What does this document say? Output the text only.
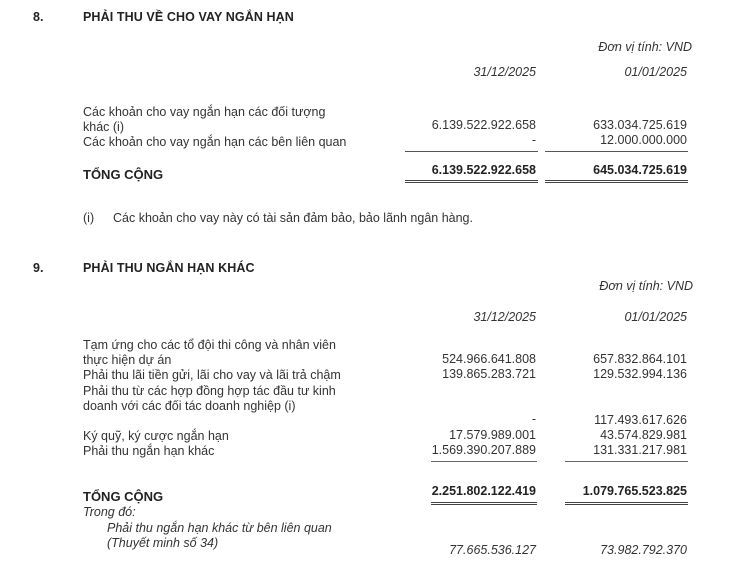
8.	PHẢI THU VỀ CHO VAY NGẮN HẠN
Đơn vị tính: VND
31/12/2025	01/01/2025
Các khoản cho vay ngắn hạn các đối tượng
khác (i)	6.139.522.922.658	633.034.725.619
Các khoản cho vay ngắn hạn các bên liên quan	-	12.000.000.000
TỔNG CỘNG	6.139.522.922.658	645.034.725.619
(i) Các khoản cho vay này có tài sản đảm bảo, bảo lãnh ngân hàng.
9.	PHẢI THU NGẮN HẠN KHÁC
Đơn vị tính: VND
31/12/2025	01/01/2025
Tạm ứng cho các tổ đội thi công và nhân viên
thực hiện dự án	524.966.641.808	657.832.864.101
Phải thu lãi tiền gửi, lãi cho vay và lãi trả chậm	139.865.283.721	129.532.994.136
Phải thu từ các hợp đồng hợp tác đầu tư kinh
doanh với các đối tác doanh nghiệp (i)
-	117.493.617.626
Ký quỹ, ký cược ngắn hạn	17.579.989.001	43.574.829.981
Phải thu ngắn hạn khác	1.569.390.207.889	131.331.217.981
TỔNG CỘNG	2.251.802.122.419	1.079.765.523.825
Trong đó:
Phải thu ngắn hạn khác từ bên liên quan
(Thuyết minh số 34)	77.665.536.127	73.982.792.370
